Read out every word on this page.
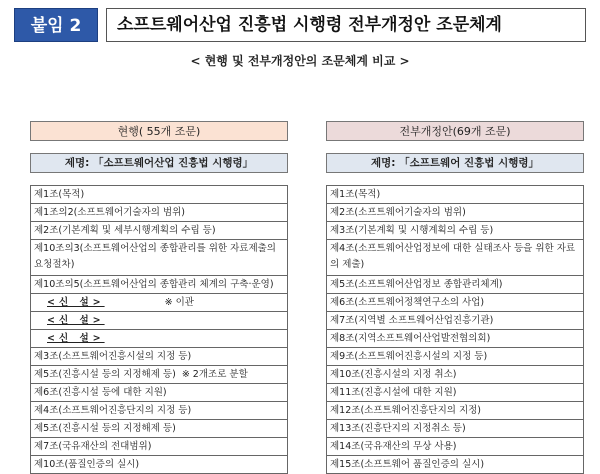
붙임 2	소프트웨어산업 진흥법 시행령 전부개정안 조문체계
< 현행 및 전부개정안의 조문체계 비교 >
현행( 55개 조문)
제명: 「소프트웨어산업 진흥법 시행령」
제1조(목적)
제1조의2(소프트웨어기술자의 범위)
제2조(기본계획 및 세부시행계획의 수립 등)
제10조의3(소프트웨어산업의 종합관리를 위한 자료제출의 요청절차)
제10조의5(소프트웨어산업의 종합관리 체계의 구축·운영)
<신 설>	※ 이관
<신 설>
<신 설>
제3조(소프트웨어진흥시설의 지정 등)
제5조(진흥시설 등의 지정해제 등) ※ 2개조로 분할
제6조(진흥시설 등에 대한 지원)
제4조(소프트웨어진흥단지의 지정 등)
제5조(진흥시설 등의 지정해제 등)
제7조(국유재산의 전대범위)
제10조(품질인증의 실시)
전부개정안(69개 조문)
제명: 「소프트웨어 진흥법 시행령」
제1조(목적)
제2조(소프트웨어기술자의 범위)
제3조(기본계획 및 시행계획의 수립 등)
제4조(소프트웨어산업정보에 대한 실태조사 등을 위한 자료의 제출)
제5조(소프트웨어산업정보 종합관리체계)
제6조(소프트웨어정책연구소의 사업)
제7조(지역별 소프트웨어산업진흥기관)
제8조(지역소프트웨어산업발전협의회)
제9조(소프트웨어진흥시설의 지정 등)
제10조(진흥시설의 지정 취소)
제11조(진흥시설에 대한 지원)
제12조(소프트웨어진흥단지의 지정)
제13조(진흥단지의 지정취소 등)
제14조(국유재산의 무상 사용)
제15조(소프트웨어 품질인증의 실시)
